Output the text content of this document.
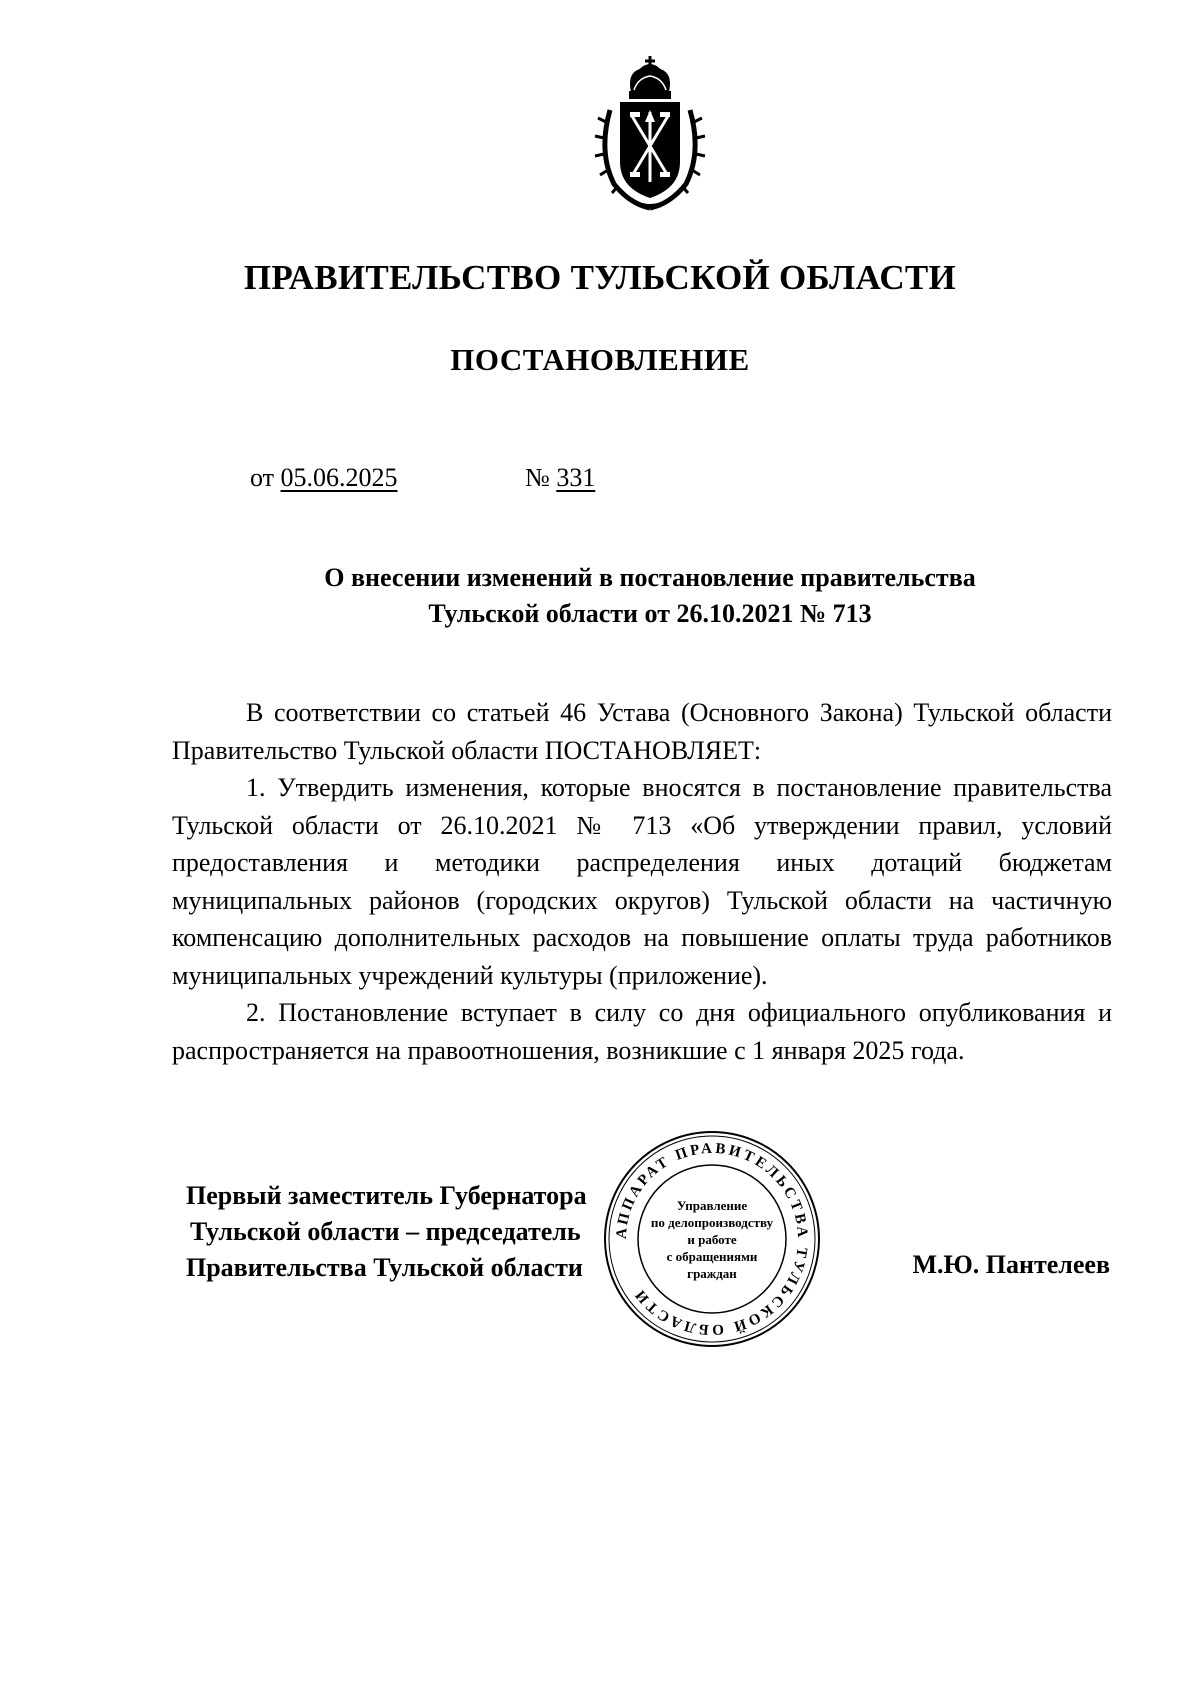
ПРАВИТЕЛЬСТВО ТУЛЬСКОЙ ОБЛАСТИ
ПОСТАНОВЛЕНИЕ
от 05.06.2025	№ 331
О внесении изменений в постановление правительства
Тульской области от 26.10.2021 № 713

В соответствии со статьей 46 Устава (Основного Закона) Тульской области Правительство Тульской области ПОСТАНОВЛЯЕТ:

1. Утвердить изменения, которые вносятся в постановление правительства Тульской области от 26.10.2021 № 713 «Об утверждении правил, условий предоставления и методики распределения иных дотаций бюджетам муниципальных районов (городских округов) Тульской области на частичную компенсацию дополнительных расходов на повышение оплаты труда работников муниципальных учреждений культуры (приложение).

2. Постановление вступает в силу со дня официального опубликования и распространяется на правоотношения, возникшие с 1 января 2025 года.

Первый заместитель Губернатора
Тульской области – председатель
Правительства Тульской области	М.Ю. Пантелеев
АППАРАТ ПРАВИТЕЛЬСТВА ТУЛЬСКОЙ ОБЛАСТИ
Управление
по делопроизводству
и работе
с обращениями
граждан
